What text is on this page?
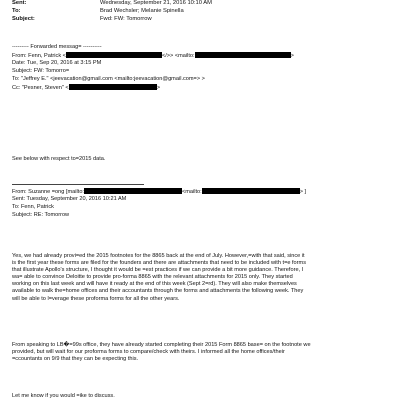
Sent:	Wednesday, September 21, 2016 10:10 AM
To:	Brad Wechsler; Melanie Spinella
Subject:	Fwd: FW: Tomorrow
--------- Forwarded messag= ----------
From: Fenn, Patrick <	</>> <mailto:	>
Date: Tue, Sep 20, 2016 at 3:15 PM
Subject: FW: Tomorro=
To: "Jeffrey E." <jeevacation@gmail.com <mailto:jeevacation@gmail.com=> >
Cc: "Pesner, Steven" <	>
See below with respect to=2015 data.
From: Suzanne =ong [mailto:	<mailto:	> ]
Sent: Tuesday, September 20, 2016 10:21 AM
To: Fenn, Patrick
Subject: RE: Tomorrow
Yes, we had already provi=ed the 2015 footnotes for the 8865 back at the end of July. However,=with that said, since it
is the first year these forms are filed for the founders and there are attachments that need to be included with t=e forms
that illustrate Apollo's structure, I thought it would be =est practices if we can provide a bit more guidance. Therefore, I
wa= able to convince Deloitte to provide pro-forma 8865 with the relevant attachments for 2015 only. They started
working on this last week and will have it ready at the end of this week (Sept 2=rd). They will also make themselves
available to walk the=home offices and their accountants through the forms and attachments the following week. They
will be able to l=verage these proforma forms for all the other years.
From speaking to LB�=99s office, they have already started completing their 2015 Form 8865 base= on the footnote we
provided, but will wait for our proforma forms to compare/check with theirs. I informed all the home offices/their
=ccountants on 9/9 that they can be expecting this.
Let me know if you would =ike to discuss.
